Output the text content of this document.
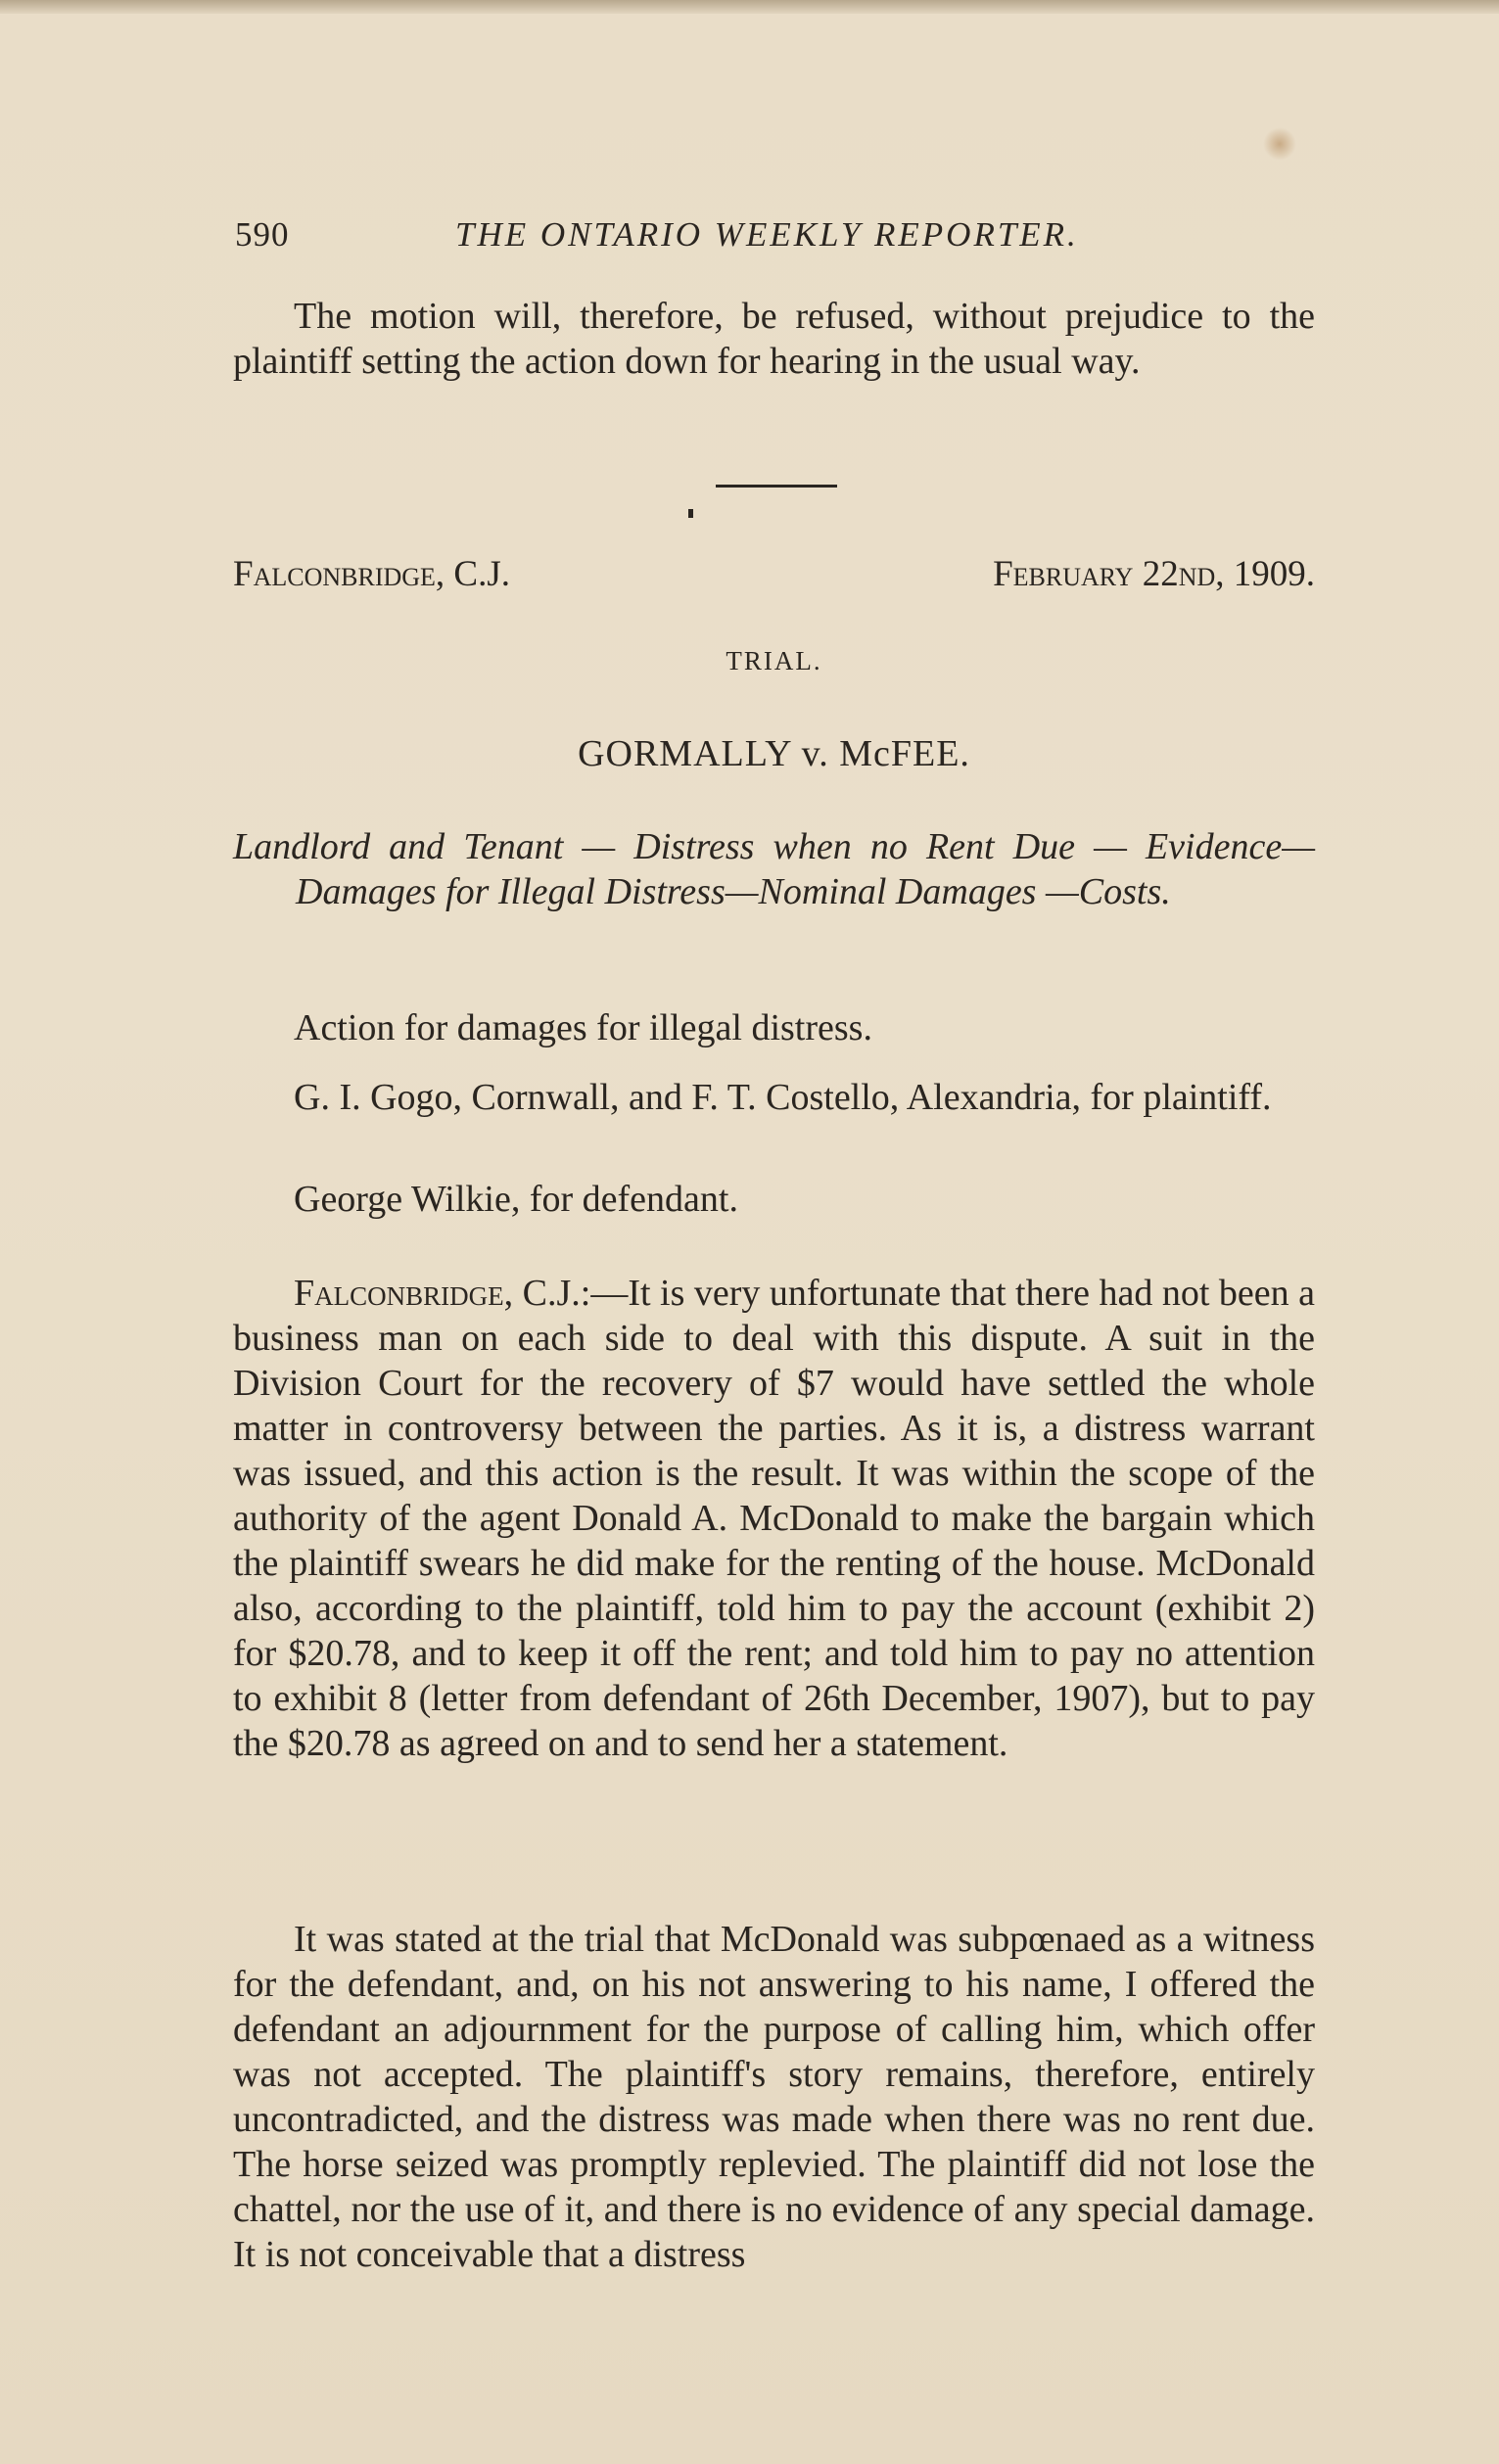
590	THE ONTARIO WEEKLY REPORTER.

The motion will, therefore, be refused, without prejudice to the plaintiff setting the action down for hearing in the usual way.

Falconbridge, C.J.	February 22nd, 1909.
TRIAL.
GORMALLY v. McFEE.

Landlord and Tenant — Distress when no Rent Due — Evidence—Damages for Illegal Distress—Nominal Damages —Costs.

Action for damages for illegal distress.

G. I. Gogo, Cornwall, and F. T. Costello, Alexandria, for plaintiff.

George Wilkie, for defendant.

Falconbridge, C.J.:—It is very unfortunate that there had not been a business man on each side to deal with this dispute. A suit in the Division Court for the recovery of $7 would have settled the whole matter in controversy between the parties. As it is, a distress warrant was issued, and this action is the result. It was within the scope of the authority of the agent Donald A. McDonald to make the bargain which the plaintiff swears he did make for the renting of the house. McDonald also, according to the plaintiff, told him to pay the account (exhibit 2) for $20.78, and to keep it off the rent; and told him to pay no attention to exhibit 8 (letter from defendant of 26th December, 1907), but to pay the $20.78 as agreed on and to send her a statement.

It was stated at the trial that McDonald was subpœnaed as a witness for the defendant, and, on his not answering to his name, I offered the defendant an adjournment for the purpose of calling him, which offer was not accepted. The plaintiff's story remains, therefore, entirely uncontradicted, and the distress was made when there was no rent due. The horse seized was promptly replevied. The plaintiff did not lose the chattel, nor the use of it, and there is no evidence of any special damage. It is not conceivable that a distress
